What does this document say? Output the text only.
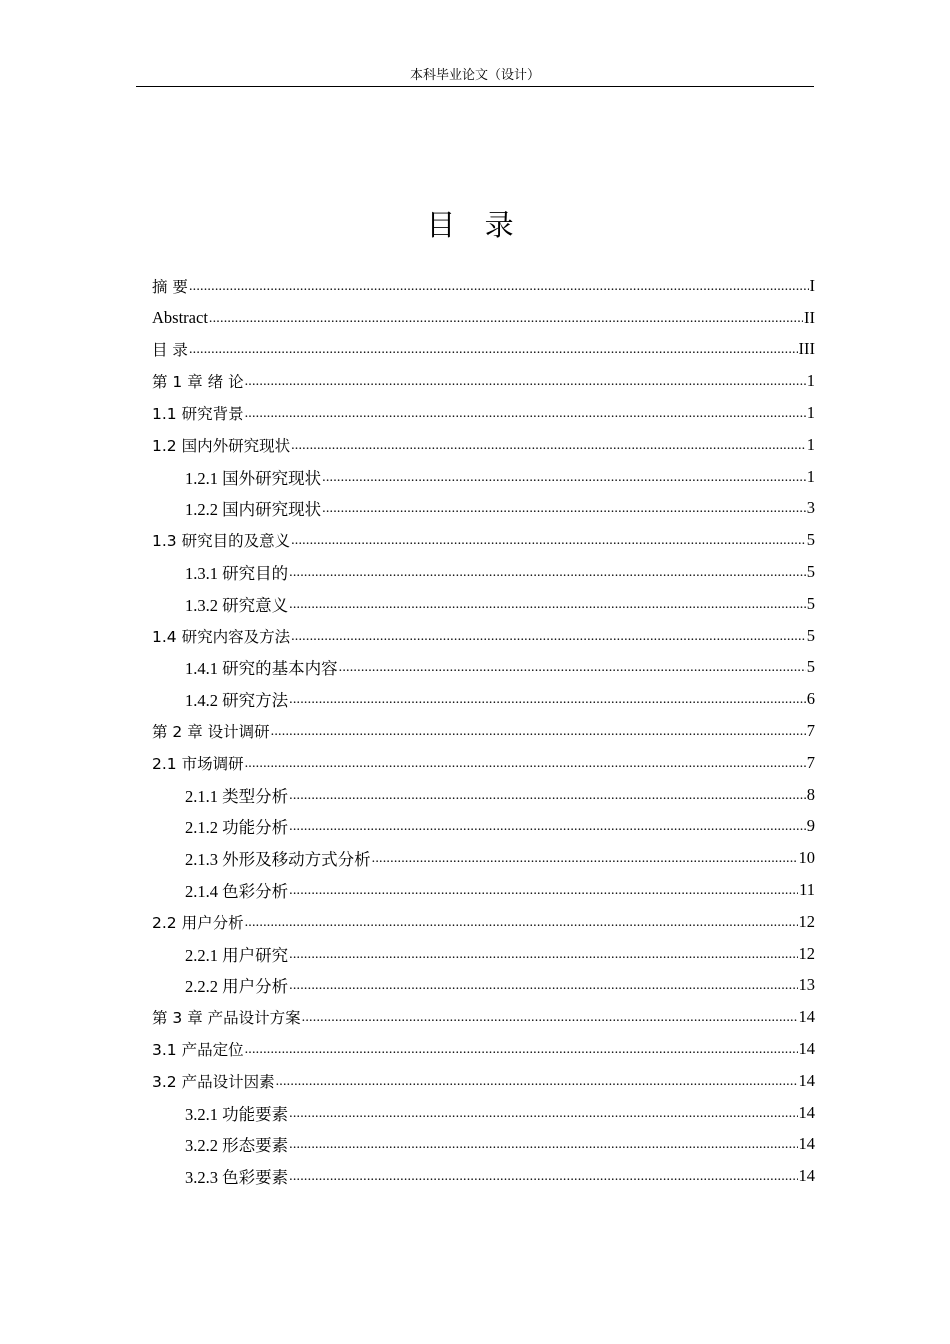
本科毕业论文（设计）
目 录
摘 要 .....	I
Abstract .....	II
目 录 .....	III
第 1 章 绪 论 .....	1
1.1 研究背景 .....	1
1.2 国内外研究现状 .....	1
1.2.1 国外研究现状 .....	1
1.2.2 国内研究现状 .....	3
1.3 研究目的及意义 .....	5
1.3.1 研究目的 .....	5
1.3.2 研究意义 .....	5
1.4 研究内容及方法 .....	5
1.4.1 研究的基本内容 .....	5
1.4.2 研究方法 .....	6
第 2 章 设计调研 .....	7
2.1 市场调研 .....	7
2.1.1 类型分析 .....	8
2.1.2 功能分析 .....	9
2.1.3 外形及移动方式分析 .....	10
2.1.4 色彩分析 .....	11
2.2 用户分析 .....	12
2.2.1 用户研究 .....	12
2.2.2 用户分析 .....	13
第 3 章 产品设计方案 .....	14
3.1 产品定位 .....	14
3.2 产品设计因素 .....	14
3.2.1 功能要素 .....	14
3.2.2 形态要素 .....	14
3.2.3 色彩要素 .....	14
